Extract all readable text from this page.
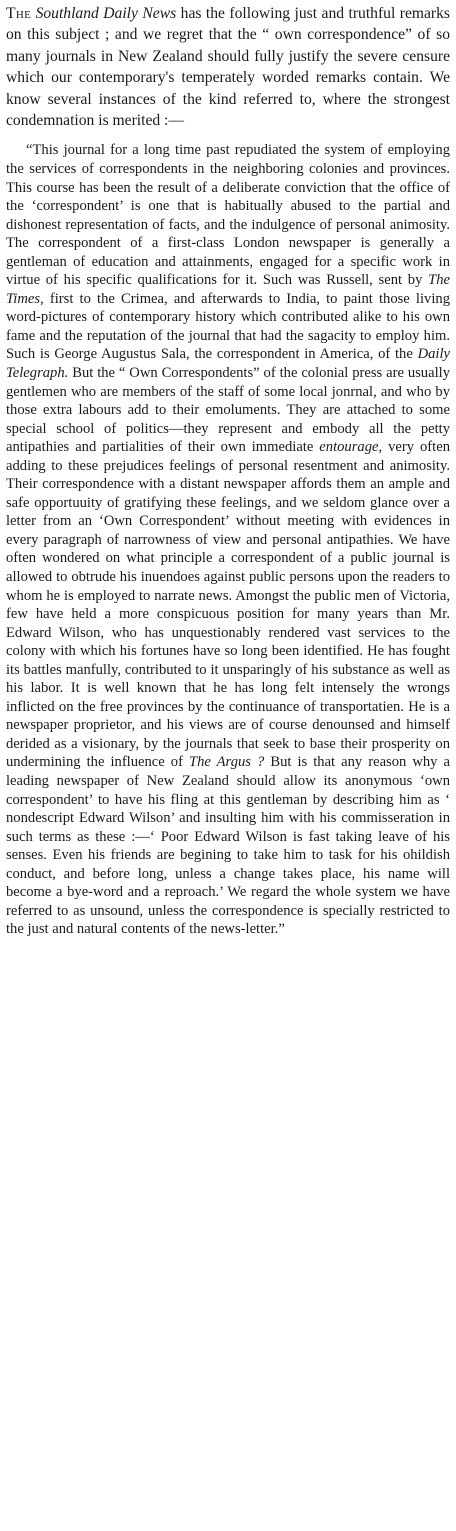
The Southland Daily News has the following just and truthful remarks on this subject ; and we regret that the “ own correspondence” of so many journals in New Zealand should fully justify the severe censure which our contemporary's temperately worded remarks contain. We know several instances of the kind referred to, where the strongest condemnation is merited :—

“This journal for a long time past repudiated the system of employing the services of correspondents in the neighboring colonies and provinces. This course has been the result of a deliberate conviction that the office of the ‘correspondent’ is one that is habitually abused to the partial and dishonest representation of facts, and the indulgence of personal animosity. The correspondent of a first-class London newspaper is generally a gentleman of education and attainments, engaged for a specific work in virtue of his specific qualifications for it. Such was Russell, sent by The Times, first to the Crimea, and afterwards to India, to paint those living word-pictures of contemporary history which contributed alike to his own fame and the reputation of the journal that had the sagacity to employ him. Such is George Augustus Sala, the correspondent in America, of the Daily Telegraph. But the “ Own Correspondents” of the colonial press are usually gentlemen who are members of the staff of some local jonrnal, and who by those extra labours add to their emoluments. They are attached to some special school of politics—they represent and embody all the petty antipathies and partialities of their own immediate entourage, very often adding to these prejudices feelings of personal resentment and animosity. Their correspondence with a distant newspaper affords them an ample and safe opportuuity of gratifying these feelings, and we seldom glance over a letter from an ‘Own Correspondent’ without meeting with evidences in every paragraph of narrowness of view and personal antipathies. We have often wondered on what principle a correspondent of a public journal is allowed to obtrude his inuendoes against public persons upon the readers to whom he is employed to narrate news. Amongst the public men of Victoria, few have held a more conspicuous position for many years than Mr. Edward Wilson, who has unquestionably rendered vast services to the colony with which his fortunes have so long been identified. He has fought its battles manfully, contributed to it unsparingly of his substance as well as his labor. It is well known that he has long felt intensely the wrongs inflicted on the free provinces by the continuance of transportatien. He is a newspaper proprietor, and his views are of course denounsed and himself derided as a visionary, by the journals that seek to base their prosperity on undermining the influence of The Argus ? But is that any reason why a leading newspaper of New Zealand should allow its anonymous ‘own correspondent’ to have his fling at this gentleman by describing him as ‘ nondescript Edward Wilson’ and insulting him with his commisseration in such terms as these :—‘ Poor Edward Wilson is fast taking leave of his senses. Even his friends are begining to take him to task for his ohildish conduct, and before long, unless a change takes place, his name will become a bye-word and a reproach.’ We regard the whole system we have referred to as unsound, unless the correspondence is specially restricted to the just and natural contents of the news-letter.”
